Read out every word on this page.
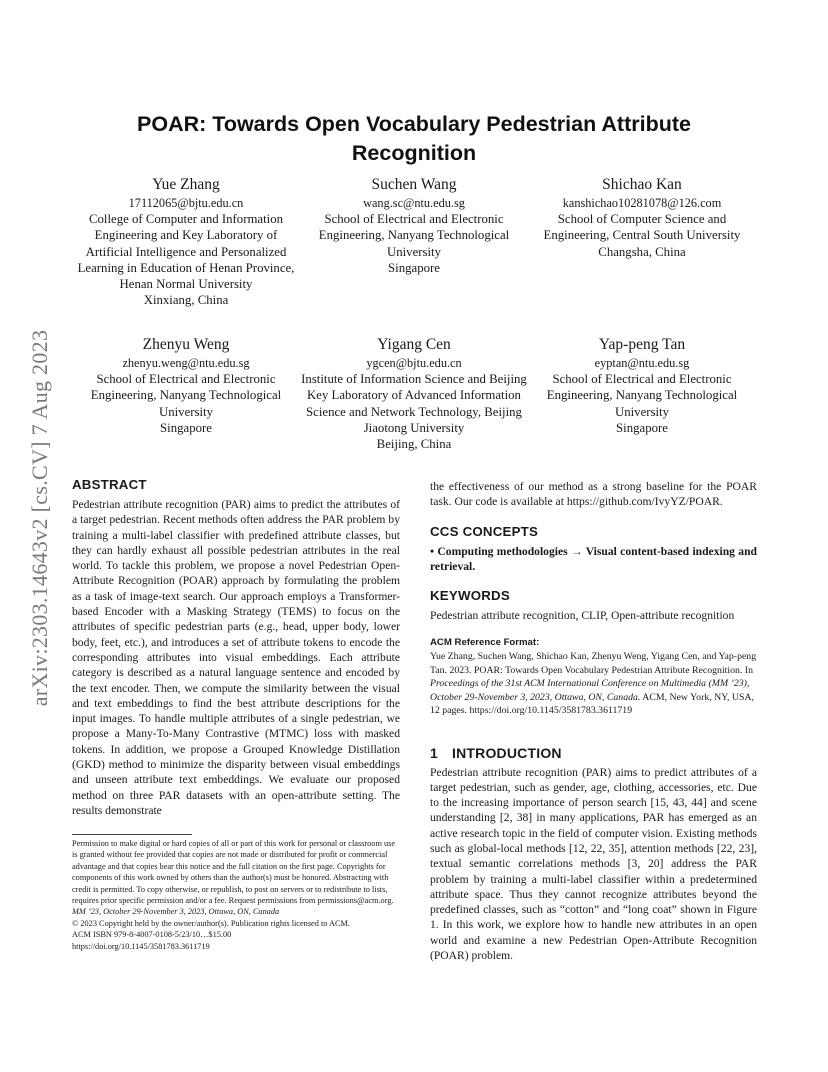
arXiv:2303.14643v2 [cs.CV] 7 Aug 2023
POAR: Towards Open Vocabulary Pedestrian Attribute Recognition
Yue Zhang
17112065@bjtu.edu.cn
College of Computer and Information Engineering and Key Laboratory of Artificial Intelligence and Personalized Learning in Education of Henan Province, Henan Normal University
Xinxiang, China
Suchen Wang
wang.sc@ntu.edu.sg
School of Electrical and Electronic Engineering, Nanyang Technological University
Singapore
Shichao Kan
kanshichao10281078@126.com
School of Computer Science and Engineering, Central South University
Changsha, China
Zhenyu Weng
zhenyu.weng@ntu.edu.sg
School of Electrical and Electronic Engineering, Nanyang Technological University
Singapore
Yigang Cen
ygcen@bjtu.edu.cn
Institute of Information Science and Beijing Key Laboratory of Advanced Information Science and Network Technology, Beijing Jiaotong University
Beijing, China
Yap-peng Tan
eyptan@ntu.edu.sg
School of Electrical and Electronic Engineering, Nanyang Technological University
Singapore
ABSTRACT

Pedestrian attribute recognition (PAR) aims to predict the attributes of a target pedestrian. Recent methods often address the PAR problem by training a multi-label classifier with predefined attribute classes, but they can hardly exhaust all possible pedestrian attributes in the real world. To tackle this problem, we propose a novel Pedestrian Open-Attribute Recognition (POAR) approach by formulating the problem as a task of image-text search. Our approach employs a Transformer-based Encoder with a Masking Strategy (TEMS) to focus on the attributes of specific pedestrian parts (e.g., head, upper body, lower body, feet, etc.), and introduces a set of attribute tokens to encode the corresponding attributes into visual embeddings. Each attribute category is described as a natural language sentence and encoded by the text encoder. Then, we compute the similarity between the visual and text embeddings to find the best attribute descriptions for the input images. To handle multiple attributes of a single pedestrian, we propose a Many-To-Many Contrastive (MTMC) loss with masked tokens. In addition, we propose a Grouped Knowledge Distillation (GKD) method to minimize the disparity between visual embeddings and unseen attribute text embeddings. We evaluate our proposed method on three PAR datasets with an open-attribute setting. The results demonstrate

the effectiveness of our method as a strong baseline for the POAR task. Our code is available at https://github.com/IvyYZ/POAR.

CCS CONCEPTS

• Computing methodologies → Visual content-based indexing and retrieval.

KEYWORDS

Pedestrian attribute recognition, CLIP, Open-attribute recognition

ACM Reference Format:

Yue Zhang, Suchen Wang, Shichao Kan, Zhenyu Weng, Yigang Cen, and Yap-peng Tan. 2023. POAR: Towards Open Vocabulary Pedestrian Attribute Recognition. In Proceedings of the 31st ACM International Conference on Multimedia (MM ’23), October 29-November 3, 2023, Ottawa, ON, Canada. ACM, New York, NY, USA, 12 pages. https://doi.org/10.1145/3581783.3611719

1 INTRODUCTION

Pedestrian attribute recognition (PAR) aims to predict attributes of a target pedestrian, such as gender, age, clothing, accessories, etc. Due to the increasing importance of person search [15, 43, 44] and scene understanding [2, 38] in many applications, PAR has emerged as an active research topic in the field of computer vision. Existing methods such as global-local methods [12, 22, 35], attention methods [22, 23], textual semantic correlations methods [3, 20] address the PAR problem by training a multi-label classifier within a predetermined attribute space. Thus they cannot recognize attributes beyond the predefined classes, such as “cotton” and “long coat” shown in Figure 1. In this work, we explore how to handle new attributes in an open world and examine a new Pedestrian Open-Attribute Recognition (POAR) problem.

Permission to make digital or hard copies of all or part of this work for personal or classroom use is granted without fee provided that copies are not made or distributed for profit or commercial advantage and that copies bear this notice and the full citation on the first page. Copyrights for components of this work owned by others than the author(s) must be honored. Abstracting with credit is permitted. To copy otherwise, or republish, to post on servers or to redistribute to lists, requires prior specific permission and/or a fee. Request permissions from permissions@acm.org.
MM ’23, October 29-November 3, 2023, Ottawa, ON, Canada
© 2023 Copyright held by the owner/author(s). Publication rights licensed to ACM.
ACM ISBN 979-8-4007-0108-5/23/10…$15.00
https://doi.org/10.1145/3581783.3611719
